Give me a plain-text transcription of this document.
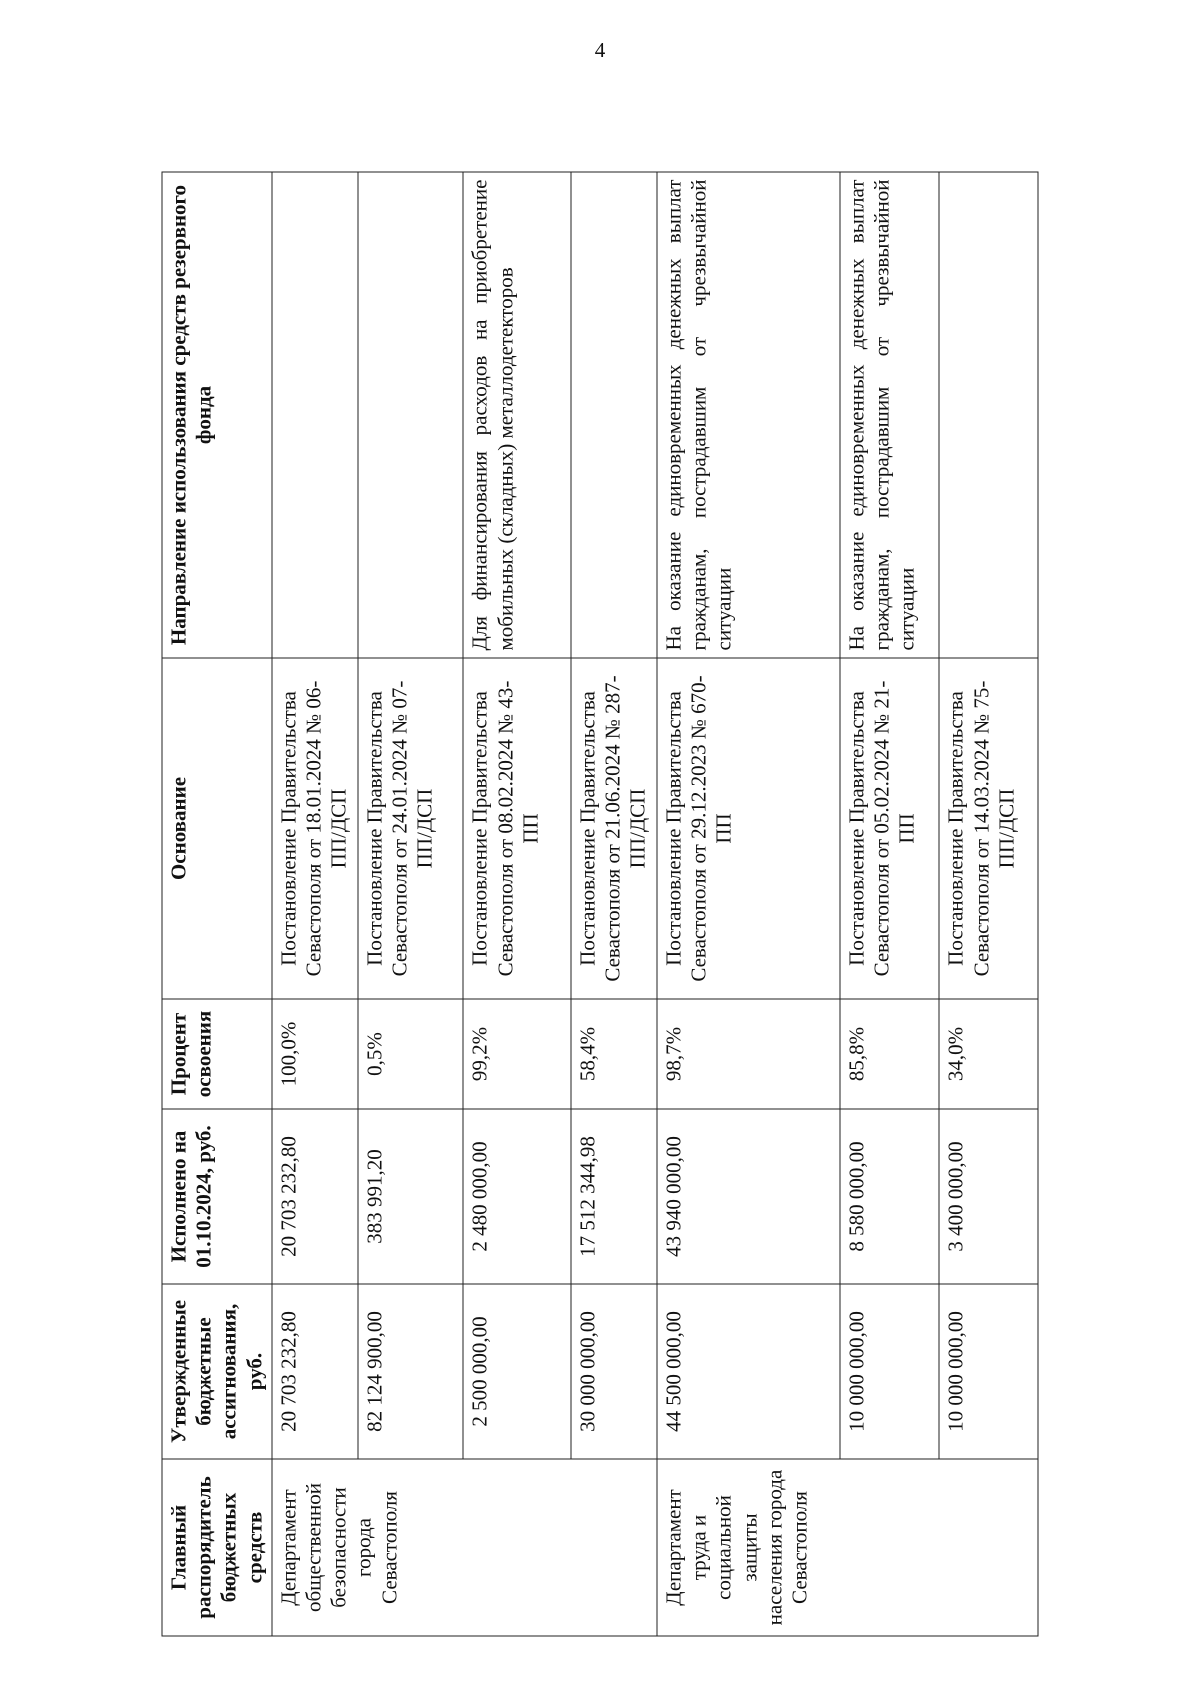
4
Главный распорядитель бюджетных средств	Утвержденные бюджетные ассигнования, руб.	Исполнено на 01.10.2024, руб.	Процент освоения	Основание	Направление использования средств резервного фонда
Департамент общественной безопасности города Севастополя	20 703 232,80	20 703 232,80	100,0%	Постановление Правительства Севастополя от 18.01.2024 № 06-ПП/ДСП	
	82 124 900,00	383 991,20	0,5%	Постановление Правительства Севастополя от 24.01.2024 № 07-ПП/ДСП	
	2 500 000,00	2 480 000,00	99,2%	Постановление Правительства Севастополя от 08.02.2024 № 43-ПП	Для финансирования расходов на приобретение мобильных (складных) металлодетекторов
	30 000 000,00	17 512 344,98	58,4%	Постановление Правительства Севастополя от 21.06.2024 № 287-ПП/ДСП	
Департамент труда и социальной защиты населения города Севастополя	44 500 000,00	43 940 000,00	98,7%	Постановление Правительства Севастополя от 29.12.2023 № 670-ПП	На оказание единовременных денежных выплат гражданам, пострадавшим от чрезвычайной ситуации
	10 000 000,00	8 580 000,00	85,8%	Постановление Правительства Севастополя от 05.02.2024 № 21-ПП	На оказание единовременных денежных выплат гражданам, пострадавшим от чрезвычайной ситуации
	10 000 000,00	3 400 000,00	34,0%	Постановление Правительства Севастополя от 14.03.2024 № 75-ПП/ДСП	
